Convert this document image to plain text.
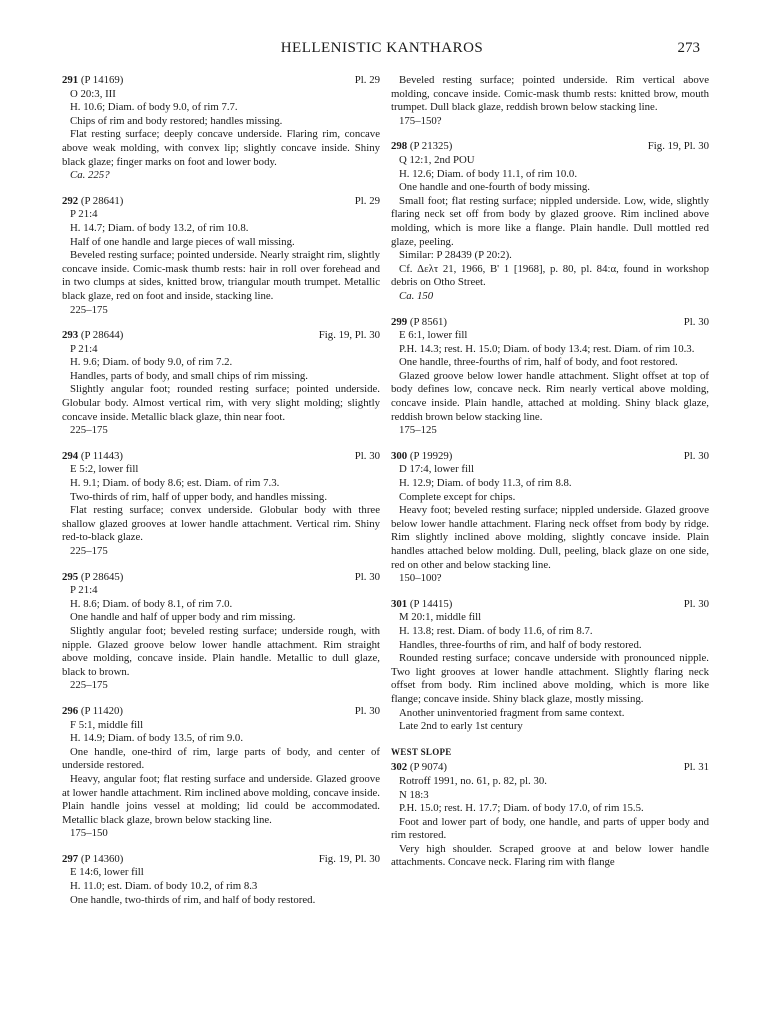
HELLENISTIC KANTHAROS	273
291 (P 14169)	Pl. 29
O 20:3, III
H. 10.6; Diam. of body 9.0, of rim 7.7.
Chips of rim and body restored; handles missing.
Flat resting surface; deeply concave underside. Flaring rim, concave above weak molding, with convex lip; slightly concave inside. Shiny black glaze; finger marks on foot and lower body.
Ca. 225?
292 (P 28641)	Pl. 29
P 21:4
H. 14.7; Diam. of body 13.2, of rim 10.8.
Half of one handle and large pieces of wall missing.
Beveled resting surface; pointed underside. Nearly straight rim, slightly concave inside. Comic-mask thumb rests: hair in roll over forehead and in two clumps at sides, knitted brow, triangular mouth trumpet. Metallic black glaze, red on foot and inside, stacking line.
225–175
293 (P 28644)	Fig. 19, Pl. 30
P 21:4
H. 9.6; Diam. of body 9.0, of rim 7.2.
Handles, parts of body, and small chips of rim missing.
Slightly angular foot; rounded resting surface; pointed underside. Globular body. Almost vertical rim, with very slight molding; slightly concave inside. Metallic black glaze, thin near foot.
225–175
294 (P 11443)	Pl. 30
E 5:2, lower fill
H. 9.1; Diam. of body 8.6; est. Diam. of rim 7.3.
Two-thirds of rim, half of upper body, and handles missing.
Flat resting surface; convex underside. Globular body with three shallow glazed grooves at lower handle attachment. Vertical rim. Shiny red-to-black glaze.
225–175
295 (P 28645)	Pl. 30
P 21:4
H. 8.6; Diam. of body 8.1, of rim 7.0.
One handle and half of upper body and rim missing.
Slightly angular foot; beveled resting surface; underside rough, with nipple. Glazed groove below lower handle attachment. Rim straight above molding, concave inside. Plain handle. Metallic to dull glaze, black to brown.
225–175
296 (P 11420)	Pl. 30
F 5:1, middle fill
H. 14.9; Diam. of body 13.5, of rim 9.0.
One handle, one-third of rim, large parts of body, and center of underside restored.
Heavy, angular foot; flat resting surface and underside. Glazed groove at lower handle attachment. Rim inclined above molding, concave inside. Plain handle joins vessel at molding; lid could be accommodated. Metallic black glaze, brown below stacking line.
175–150
297 (P 14360)	Fig. 19, Pl. 30
E 14:6, lower fill
H. 11.0; est. Diam. of body 10.2, of rim 8.3
One handle, two-thirds of rim, and half of body restored.
Beveled resting surface; pointed underside. Rim vertical above molding, concave inside. Comic-mask thumb rests: knitted brow, mouth trumpet. Dull black glaze, reddish brown below stacking line.
175–150?
298 (P 21325)	Fig. 19, Pl. 30
Q 12:1, 2nd POU
H. 12.6; Diam. of body 11.1, of rim 10.0.
One handle and one-fourth of body missing.
Small foot; flat resting surface; nippled underside. Low, wide, slightly flaring neck set off from body by glazed groove. Rim inclined above molding, which is more like a flange. Plain handle. Dull mottled red glaze, peeling.
Similar: P 28439 (P 20:2).
Cf. Δελτ 21, 1966, Β' 1 [1968], p. 80, pl. 84:α, found in workshop debris on Otho Street.
Ca. 150
299 (P 8561)	Pl. 30
E 6:1, lower fill
P.H. 14.3; rest. H. 15.0; Diam. of body 13.4; rest. Diam. of rim 10.3.
One handle, three-fourths of rim, half of body, and foot restored.
Glazed groove below lower handle attachment. Slight offset at top of body defines low, concave neck. Rim nearly vertical above molding, concave inside. Plain handle, attached at molding. Shiny black glaze, reddish brown below stacking line.
175–125
300 (P 19929)	Pl. 30
D 17:4, lower fill
H. 12.9; Diam. of body 11.3, of rim 8.8.
Complete except for chips.
Heavy foot; beveled resting surface; nippled underside. Glazed groove below lower handle attachment. Flaring neck offset from body by ridge. Rim slightly inclined above molding, slightly concave inside. Plain handles attached below molding. Dull, peeling, black glaze on one side, red on other and below stacking line.
150–100?
301 (P 14415)	Pl. 30
M 20:1, middle fill
H. 13.8; rest. Diam. of body 11.6, of rim 8.7.
Handles, three-fourths of rim, and half of body restored.
Rounded resting surface; concave underside with pronounced nipple. Two light grooves at lower handle attachment. Slightly flaring neck offset from body. Rim inclined above molding, which is more like flange; concave inside. Shiny black glaze, mostly missing.
Another uninventoried fragment from same context.
Late 2nd to early 1st century
WEST SLOPE
302 (P 9074)	Pl. 31
Rotroff 1991, no. 61, p. 82, pl. 30.
N 18:3
P.H. 15.0; rest. H. 17.7; Diam. of body 17.0, of rim 15.5.
Foot and lower part of body, one handle, and parts of upper body and rim restored.
Very high shoulder. Scraped groove at and below lower handle attachments. Concave neck. Flaring rim with flange
